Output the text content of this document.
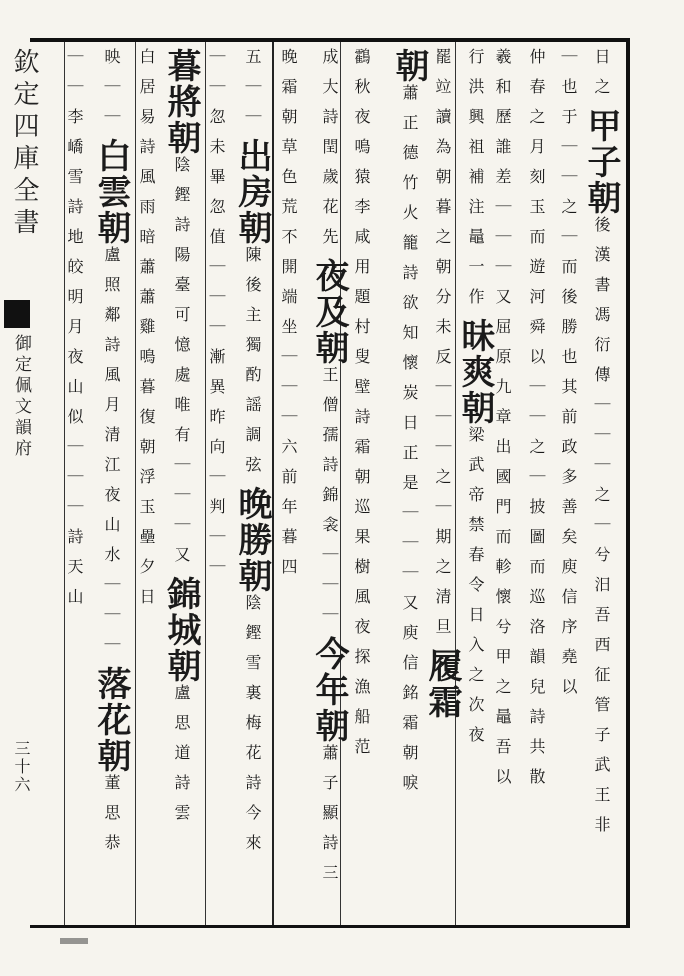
欽定四庫全書
御定佩文韻府
三十六
日之甲子朝後漢書馮衍傳｜｜｜之｜兮汨吾西征管子武王非
｜也于｜｜之｜而後勝也其前政多善矣庾信序堯以
仲春之月刻玉而遊河舜以｜｜之｜披圖而巡洛韻兒詩共散
羲和歷誰差｜｜｜又屈原九章出國門而軫懷兮甲之鼂吾以
行洪興祖補注鼂一作昧爽朝梁武帝禁春令日入之次夜
罷竝讀為朝暮之朝分未反｜｜｜之｜期之清旦履霜
朝蕭正德竹火籠詩欲知懷炭日正是｜｜｜又庾信銘霜朝唳
鸖秋夜鳴猿李咸用題村叟壁詩霜朝巡果樹風夜探漁船范
成大詩閏歲花先夜及朝王僧孺詩錦衾｜｜｜今年朝蕭子顯詩三
晚霜朝草色荒不開端坐｜｜｜六前年暮四
五｜｜出房朝陳後主獨酌謡調弦晚勝朝陰鏗雪裏梅花詩今來
｜｜忽未畢忽值｜｜｜漸異昨向｜判｜｜
暮將朝陰鏗詩陽臺可憶處唯有｜｜｜又錦城朝盧思道詩雲
白居易詩風雨暗蕭蕭雞鳴暮復朝浮玉壘夕日
映｜｜白雲朝盧照鄰詩風月清江夜山水｜｜｜落花朝董思恭
｜｜李嶠雪詩地皎明月夜山似｜｜｜詩天山
